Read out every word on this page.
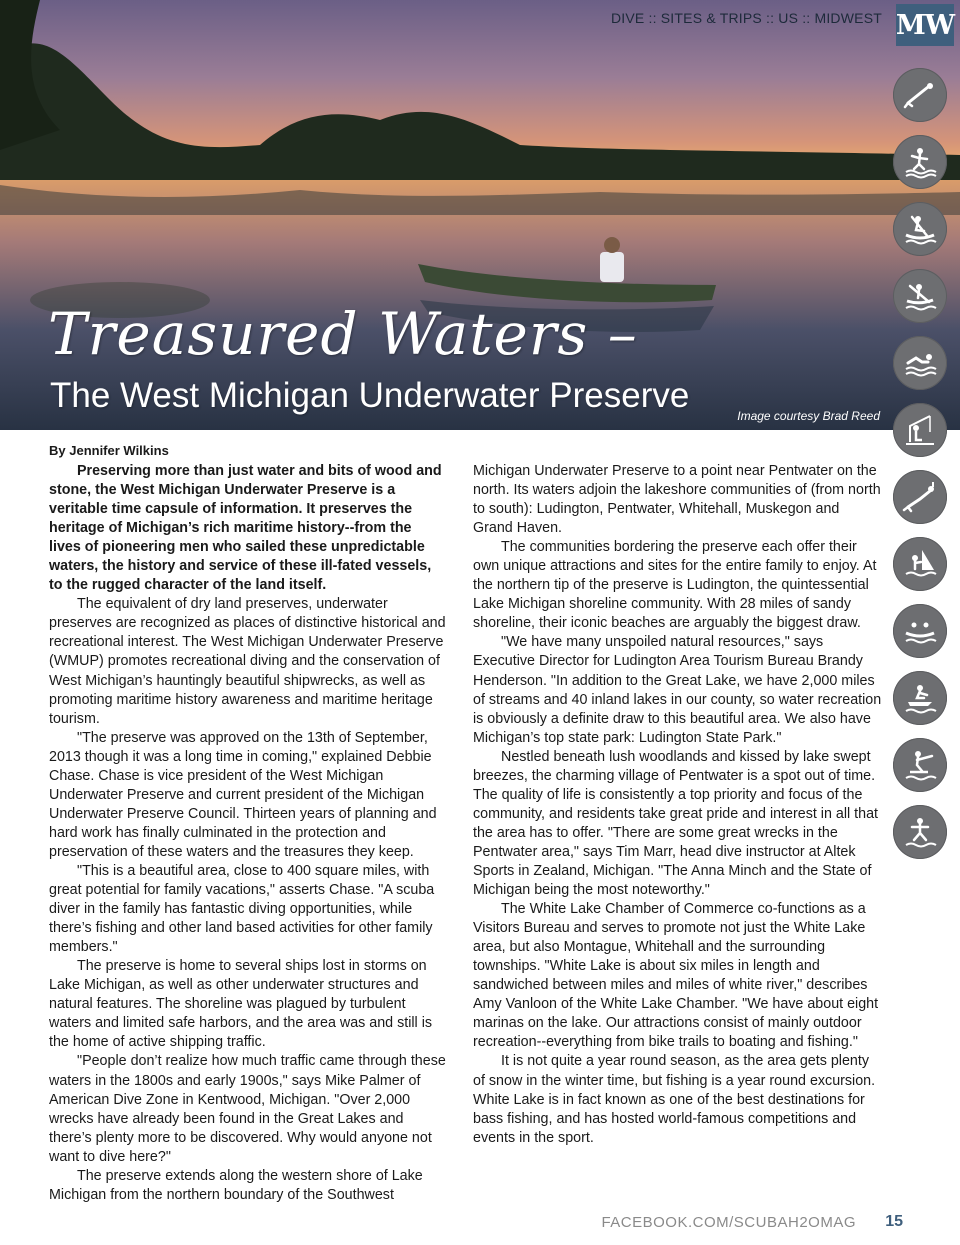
DIVE :: SITES & TRIPS :: US :: MIDWEST MW
Treasured Waters –
The West Michigan Underwater Preserve
Image courtesy Brad Reed
By Jennifer Wilkins

Preserving more than just water and bits of wood and stone, the West Michigan Underwater Preserve is a veritable time capsule of information. It preserves the heritage of Michigan’s rich maritime history--from the lives of pioneering men who sailed these unpredictable waters, the history and service of these ill-fated vessels, to the rugged character of the land itself.

The equivalent of dry land preserves, underwater preserves are recognized as places of distinctive historical and recreational interest. The West Michigan Underwater Preserve (WMUP) promotes recreational diving and the conservation of West Michigan’s hauntingly beautiful shipwrecks, as well as promoting maritime history awareness and maritime heritage tourism.

"The preserve was approved on the 13th of September, 2013 though it was a long time in coming," explained Debbie Chase. Chase is vice president of the West Michigan Underwater Preserve and current president of the Michigan Underwater Preserve Council. Thirteen years of planning and hard work has finally culminated in the protection and preservation of these waters and the treasures they keep.

"This is a beautiful area, close to 400 square miles, with great potential for family vacations," asserts Chase. "A scuba diver in the family has fantastic diving opportunities, while there’s fishing and other land based activities for other family members."

The preserve is home to several ships lost in storms on Lake Michigan, as well as other underwater structures and natural features. The shoreline was plagued by turbulent waters and limited safe harbors, and the area was and still is the home of active shipping traffic.

"People don’t realize how much traffic came through these waters in the 1800s and early 1900s," says Mike Palmer of American Dive Zone in Kentwood, Michigan. "Over 2,000 wrecks have already been found in the Great Lakes and there’s plenty more to be discovered. Why would anyone not want to dive here?"

The preserve extends along the western shore of Lake Michigan from the northern boundary of the Southwest

Michigan Underwater Preserve to a point near Pentwater on the north. Its waters adjoin the lakeshore communities of (from north to south): Ludington, Pentwater, Whitehall, Muskegon and Grand Haven.

The communities bordering the preserve each offer their own unique attractions and sites for the entire family to enjoy. At the northern tip of the preserve is Ludington, the quintessential Lake Michigan shoreline community. With 28 miles of sandy shoreline, their iconic beaches are arguably the biggest draw.

"We have many unspoiled natural resources," says Executive Director for Ludington Area Tourism Bureau Brandy Henderson. "In addition to the Great Lake, we have 2,000 miles of streams and 40 inland lakes in our county, so water recreation is obviously a definite draw to this beautiful area. We also have Michigan’s top state park: Ludington State Park."

Nestled beneath lush woodlands and kissed by lake swept breezes, the charming village of Pentwater is a spot out of time. The quality of life is consistently a top priority and focus of the community, and residents take great pride and interest in all that the area has to offer. "There are some great wrecks in the Pentwater area," says Tim Marr, head dive instructor at Altek Sports in Zealand, Michigan. "The Anna Minch and the State of Michigan being the most noteworthy."

The White Lake Chamber of Commerce co-functions as a Visitors Bureau and serves to promote not just the White Lake area, but also Montague, Whitehall and the surrounding townships. "White Lake is about six miles in length and sandwiched between miles and miles of white river," describes Amy Vanloon of the White Lake Chamber. "We have about eight marinas on the lake. Our attractions consist of mainly outdoor recreation--everything from bike trails to boating and fishing."

It is not quite a year round season, as the area gets plenty of snow in the winter time, but fishing is a year round excursion. White Lake is in fact known as one of the best destinations for bass fishing, and has hosted world-famous competitions and events in the sport.

FACEBOOK.COM/SCUBAH2OMAG 15
